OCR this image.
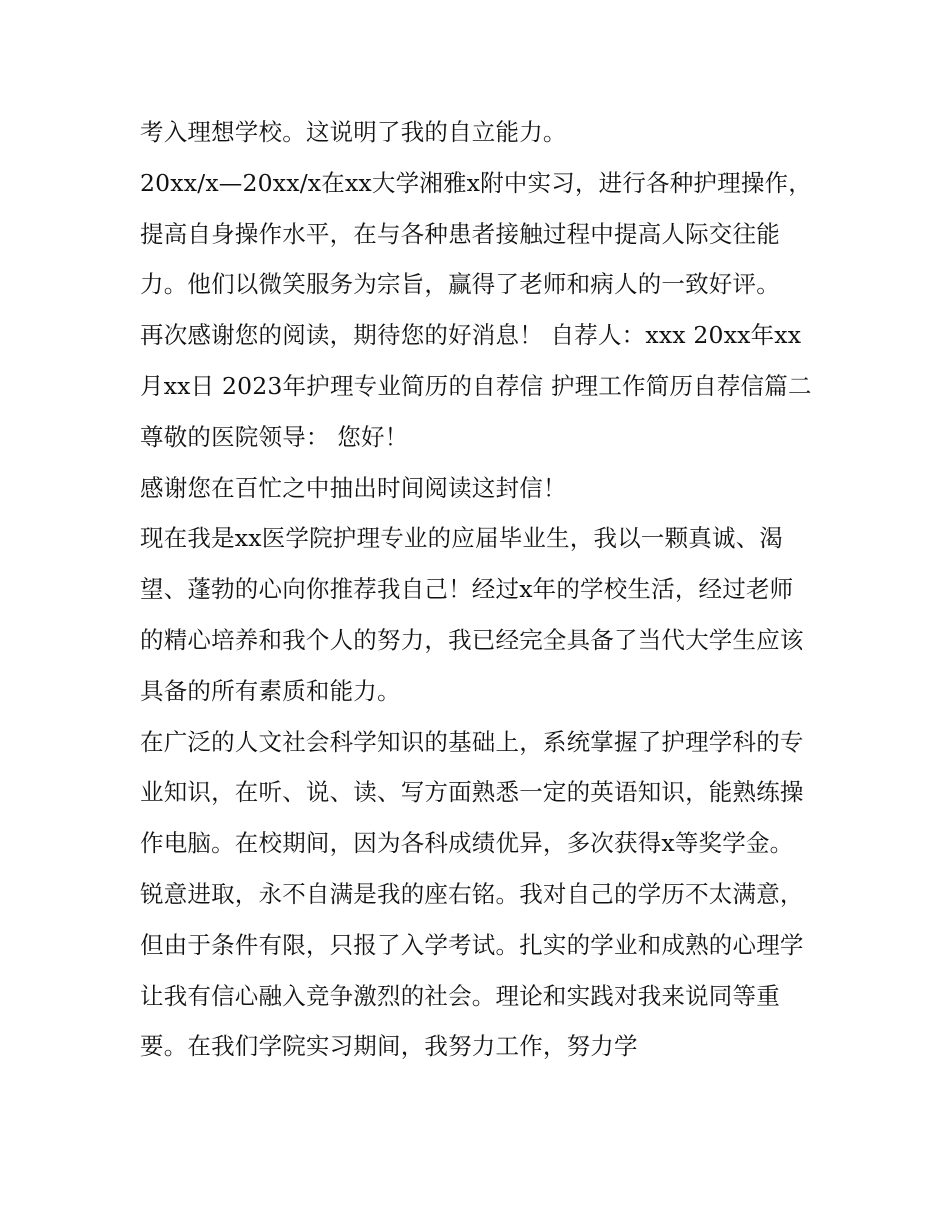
考入理想学校。这说明了我的自立能力。

20xx/x—20xx/x在xx大学湘雅x附中实习，进行各种护理操作，提高自身操作水平，在与各种患者接触过程中提高人际交往能力。他们以微笑服务为宗旨，赢得了老师和病人的一致好评。

再次感谢您的阅读，期待您的好消息！ 自荐人：xxx 20xx年xx月xx日 2023年护理专业简历的自荐信 护理工作简历自荐信篇二 尊敬的医院领导： 您好！

感谢您在百忙之中抽出时间阅读这封信！

现在我是xx医学院护理专业的应届毕业生，我以一颗真诚、渴望、蓬勃的心向你推荐我自己！经过x年的学校生活，经过老师的精心培养和我个人的努力，我已经完全具备了当代大学生应该具备的所有素质和能力。

在广泛的人文社会科学知识的基础上，系统掌握了护理学科的专业知识，在听、说、读、写方面熟悉一定的英语知识，能熟练操作电脑。在校期间，因为各科成绩优异，多次获得x等奖学金。锐意进取，永不自满是我的座右铭。我对自己的学历不太满意，但由于条件有限，只报了入学考试。扎实的学业和成熟的心理学让我有信心融入竞争激烈的社会。理论和实践对我来说同等重要。在我们学院实习期间，我努力工作，努力学
